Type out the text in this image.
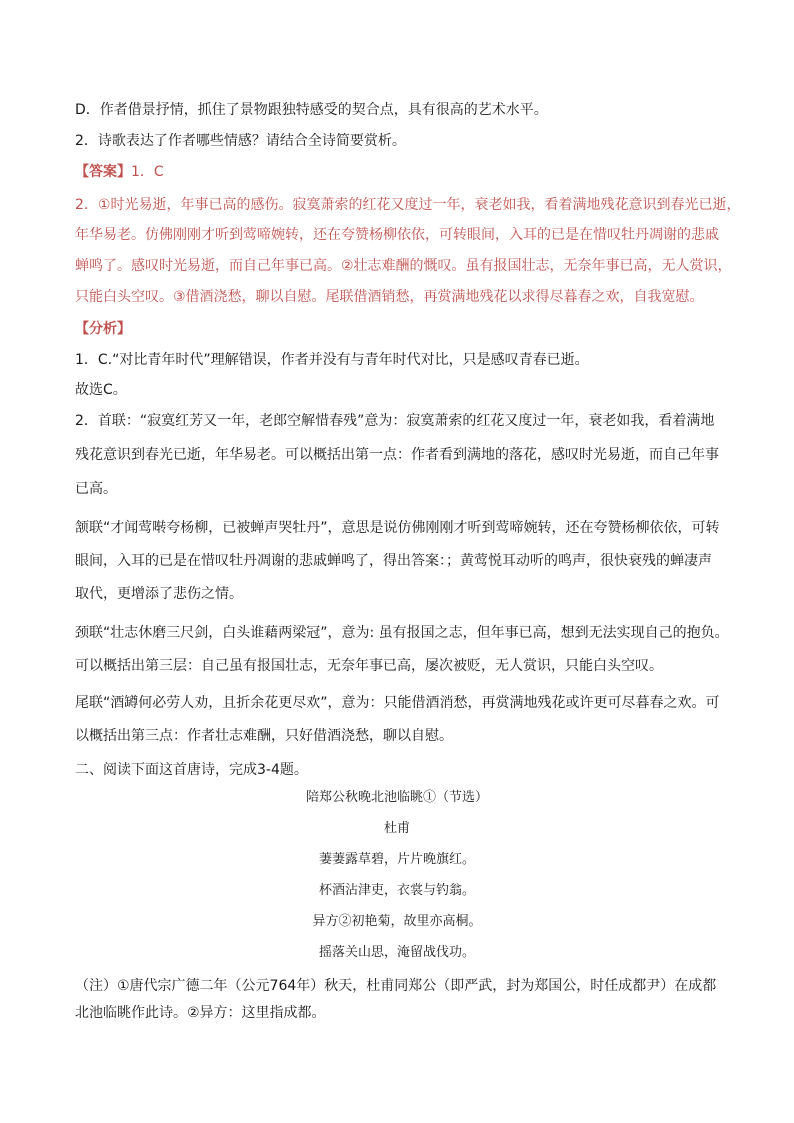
D．作者借景抒情，抓住了景物跟独特感受的契合点，具有很高的艺术水平。
2．诗歌表达了作者哪些情感？请结合全诗简要赏析。
【答案】1．C
2．①时光易逝，年事已高的感伤。寂寞萧索的红花又度过一年，衰老如我，看着满地残花意识到春光已逝，
年华易老。仿佛刚刚才听到莺啼婉转，还在夸赞杨柳依依，可转眼间，入耳的已是在惜叹牡丹凋谢的悲戚
蝉鸣了。感叹时光易逝，而自己年事已高。②壮志难酬的慨叹。虽有报国壮志，无奈年事已高，无人赏识，
只能白头空叹。③借酒浇愁，聊以自慰。尾联借酒销愁，再赏满地残花以求得尽暮春之欢，自我宽慰。
【分析】
1．C.“对比青年时代”理解错误，作者并没有与青年时代对比，只是感叹青春已逝。
故选C。
2．首联：“寂寞红芳又一年，老郎空解惜春残”意为：寂寞萧索的红花又度过一年，衰老如我，看着满地
残花意识到春光已逝，年华易老。可以概括出第一点：作者看到满地的落花，感叹时光易逝，而自己年事
已高。
颔联“才闻莺啭夸杨柳，已被蝉声哭牡丹”，意思是说仿佛刚刚才听到莺啼婉转，还在夸赞杨柳依依，可转
眼间，入耳的已是在惜叹牡丹凋谢的悲戚蝉鸣了，得出答案：；黄莺悦耳动听的鸣声，很快衰残的蝉凄声
取代，更增添了悲伤之情。
颈联“壮志休磨三尺剑，白头谁藉两梁冠”，意为: 虽有报国之志，但年事已高，想到无法实现自己的抱负。
可以概括出第三层：自己虽有报国壮志，无奈年事已高，屡次被贬，无人赏识，只能白头空叹。
尾联“酒罇何必劳人劝，且折余花更尽欢”，意为：只能借酒消愁，再赏满地残花或许更可尽暮春之欢。可
以概括出第三点：作者壮志难酬，只好借酒浇愁，聊以自慰。
二、阅读下面这首唐诗，完成3-4题。
陪郑公秋晚北池临眺①（节选）
杜甫
萋萋露草碧，片片晚旗红。
杯酒沾津吏，衣裳与钓翁。
异方②初艳菊，故里亦高桐。
摇落关山思，淹留战伐功。
（注）①唐代宗广德二年（公元764年）秋天，杜甫同郑公（即严武，封为郑国公，时任成都尹）在成都
北池临眺作此诗。②异方：这里指成都。
